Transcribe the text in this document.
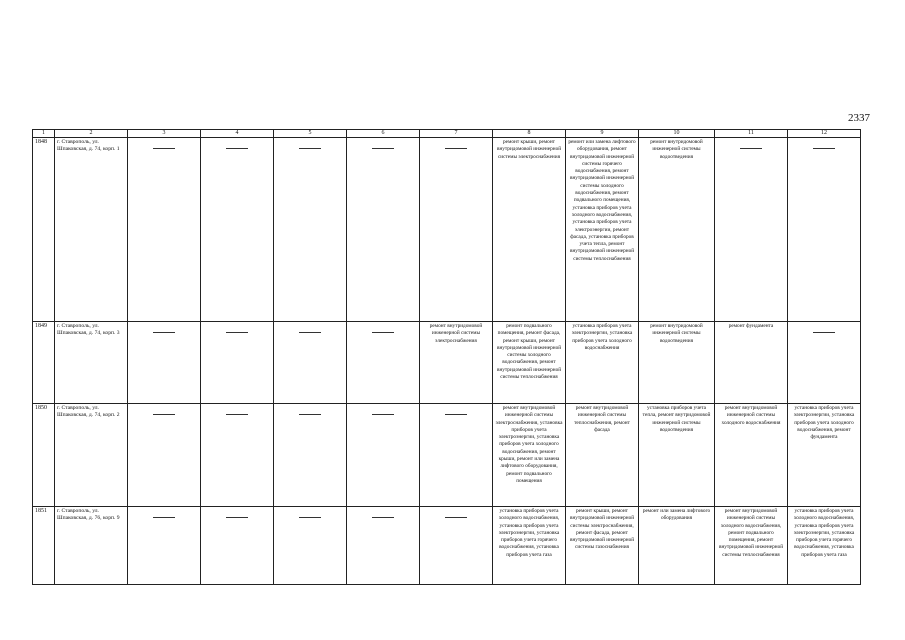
2337
1	2	3	4	5	6	7	8	9	10	11	12
1848	г. Ставрополь, ул. Шпаковская, д. 74, корп. 1						ремонт крыши, ремонт внутридомовой инженерной системы электроснабжения	ремонт или замена лифтового оборудования, ремонт внутридомовой инженерной системы горячего водоснабжения, ремонт внутридомовой инженерной системы холодного водоснабжения, ремонт подвального помещения, установка приборов учета холодного водоснабжения, установка приборов учета электроэнергии, ремонт фасада, установка приборов учета тепла, ремонт внутридомовой инженерной системы теплоснабжения	ремонт внутридомовой инженерной системы водоотведения		
1849	г. Ставрополь, ул. Шпаковская, д. 74, корп. 3					ремонт внутридомовой инженерной системы электроснабжения	ремонт подвального помещения, ремонт фасада, ремонт крыши, ремонт внутридомовой инженерной системы холодного водоснабжения, ремонт внутридомовой инженерной системы теплоснабжения	установка приборов учета электроэнергии, установка приборов учета холодного водоснабжения	ремонт внутридомовой инженерной системы водоотведения	ремонт фундамента	
1850	г. Ставрополь, ул. Шпаковская, д. 74, корп. 2						ремонт внутридомовой инженерной системы электроснабжения, установка приборов учета электроэнергии, установка приборов учета холодного водоснабжения, ремонт крыши, ремонт или замена лифтового оборудования, ремонт подвального помещения	ремонт внутридомовой инженерной системы теплоснабжения, ремонт фасада	установка приборов учета тепла, ремонт внутридомовой инженерной системы водоотведения	ремонт внутридомовой инженерной системы холодного водоснабжения	установка приборов учета электроэнергии, установка приборов учета холодного водоснабжения, ремонт фундамента
1851	г. Ставрополь, ул. Шпаковская, д. 76, корп. 9						установка приборов учета холодного водоснабжения, установка приборов учета электроэнергии, установка приборов учета горячего водоснабжения, установка приборов учета газа	ремонт крыши, ремонт внутридомовой инженерной системы электроснабжения, ремонт фасада, ремонт внутридомовой инженерной системы газоснабжения	ремонт или замена лифтового оборудования	ремонт внутридомовой инженерной системы холодного водоснабжения, ремонт подвального помещения, ремонт внутридомовой инженерной системы теплоснабжения	установка приборов учета холодного водоснабжения, установка приборов учета электроэнергии, установка приборов учета горячего водоснабжения, установка приборов учета газа
